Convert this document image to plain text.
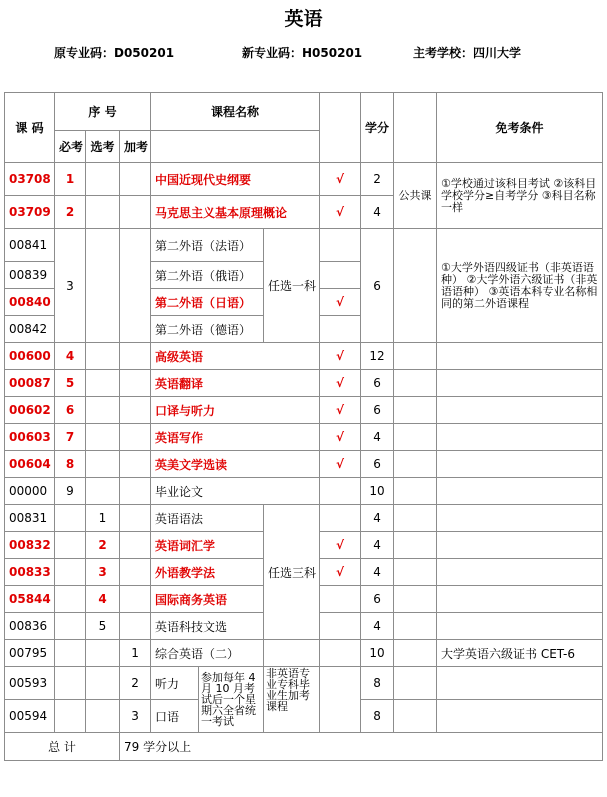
英语
原专业码：D050201	新专业码：H050201	主考学校：四川大学
课 码	序 号			课程名称				学分		免考条件
	必考	选考	加考							
03708	1			中国近现代史纲要			√	2	公共课	①学校通过该科目考试 ②该科目学校学分≥自考学分 ③科目名称一样
03709	2			马克思主义基本原理概论			√	4		
00841	3			第二外语（法语）		任选一科		6		①大学外语四级证书（非英语语种） ②大学外语六级证书（非英语语种） ③英语本科专业名称相同的第二外语课程
00839				第二外语（俄语）						
00840				第二外语（日语）			√			
00842				第二外语（德语）						
00600	4			高级英语			√	12		
00087	5			英语翻译			√	6		
00602	6			口译与听力			√	6		
00603	7			英语写作			√	4		
00604	8			英美文学选读			√	6		
00000	9			毕业论文				10		
00831		1		英语语法		任选三科		4		
00832		2		英语词汇学			√	4		
00833		3		外语教学法			√	4		
05844		4		国际商务英语				6		
00836		5		英语科技文选				4		
00795			1	综合英语（二）				10		大学英语六级证书 CET-6
00593			2	听力	参加每年 4 月 10 月考试后一个星期六全省统一考试	非英语专业专科毕业生加考课程		8		
00594			3	口语				8		
总 计			79 学分以上							
